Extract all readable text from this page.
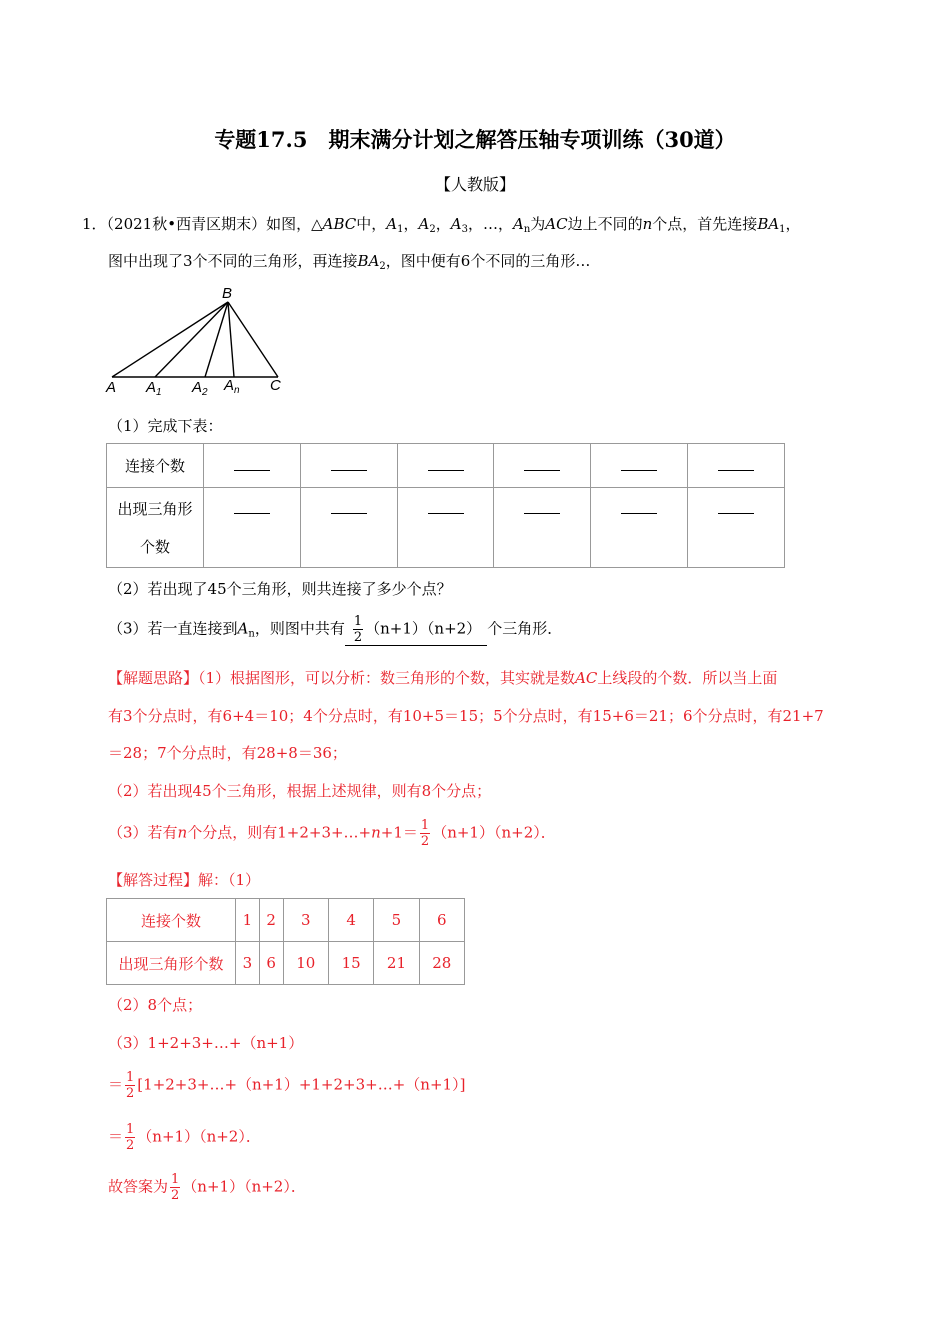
专题17.5　期末满分计划之解答压轴专项训练（30道）
【人教版】
1．（2021秋•西青区期末）如图，△ABC中，$A_1$，$A_2$，$A_3$，…，$A_n$为AC边上不同的n个点，首先连接$BA_1$，
图中出现了3个不同的三角形，再连接$BA_2$，图中便有6个不同的三角形…
B
A $A_1$ $A_2$ $A_n$ C
（1）完成下表：
连接个数						
出现三角形
个数						
（2）若出现了45个三角形，则共连接了多少个点？
（3）若一直连接到$A_n$，则图中共有 $\frac{1}{2} (n+1)(n+2)$ 个三角形．
【解题思路】（1）根据图形，可以分析：数三角形的个数，其实就是数AC上线段的个数．所以当上面
有3个分点时，有6+4＝10；4个分点时，有10+5＝15；5个分点时，有15+6＝21；6个分点时，有21+7
＝28；7个分点时，有28+8＝36；
（2）若出现45个三角形，根据上述规律，则有8个分点；
（3）若有n个分点，则有1+2+3+…+n+1＝ $\frac{1}{2} (n+1)(n+2)$．
【解答过程】解：（1）
连接个数	1	2	3	4	5	6
出现三角形个数	3	6	10	15	21	28
（2）8个点；
（3）1+2+3+…+（n+1）
＝ $\frac{1}{2}$ [1+2+3+…+（n+1）+1+2+3+…+（n+1）]
＝ $\frac{1}{2} (n+1)(n+2)$．
故答案为 $\frac{1}{2} (n+1)(n+2)$．
